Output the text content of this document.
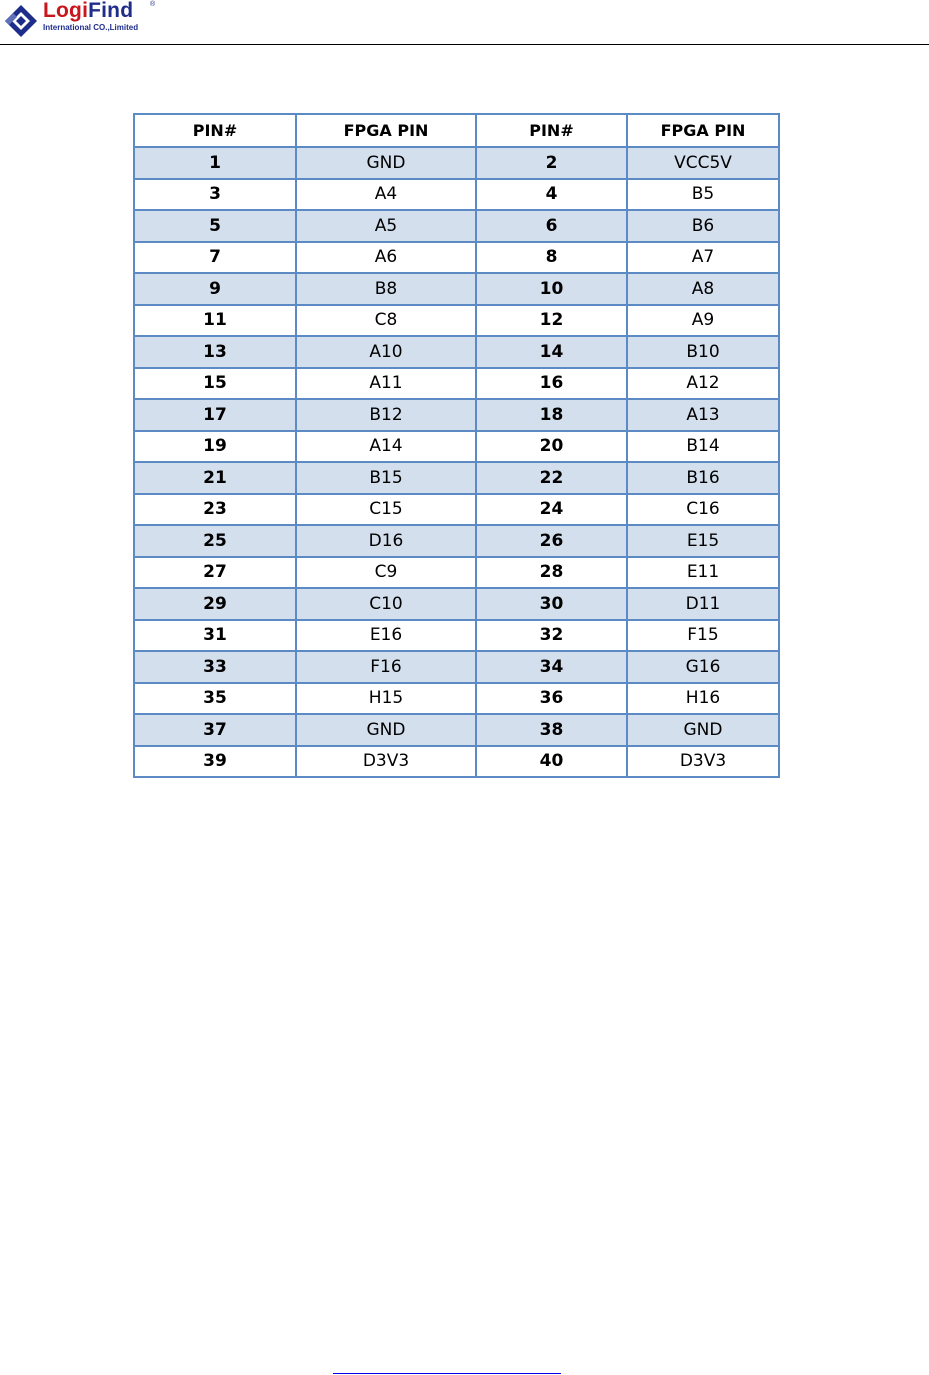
LogiFind ®
International CO.,Limited
PIN#	FPGA PIN	PIN#	FPGA PIN
1	GND	2	VCC5V
3	A4	4	B5
5	A5	6	B6
7	A6	8	A7
9	B8	10	A8
11	C8	12	A9
13	A10	14	B10
15	A11	16	A12
17	B12	18	A13
19	A14	20	B14
21	B15	22	B16
23	C15	24	C16
25	D16	26	E15
27	C9	28	E11
29	C10	30	D11
31	E16	32	F15
33	F16	34	G16
35	H15	36	H16
37	GND	38	GND
39	D3V3	40	D3V3
